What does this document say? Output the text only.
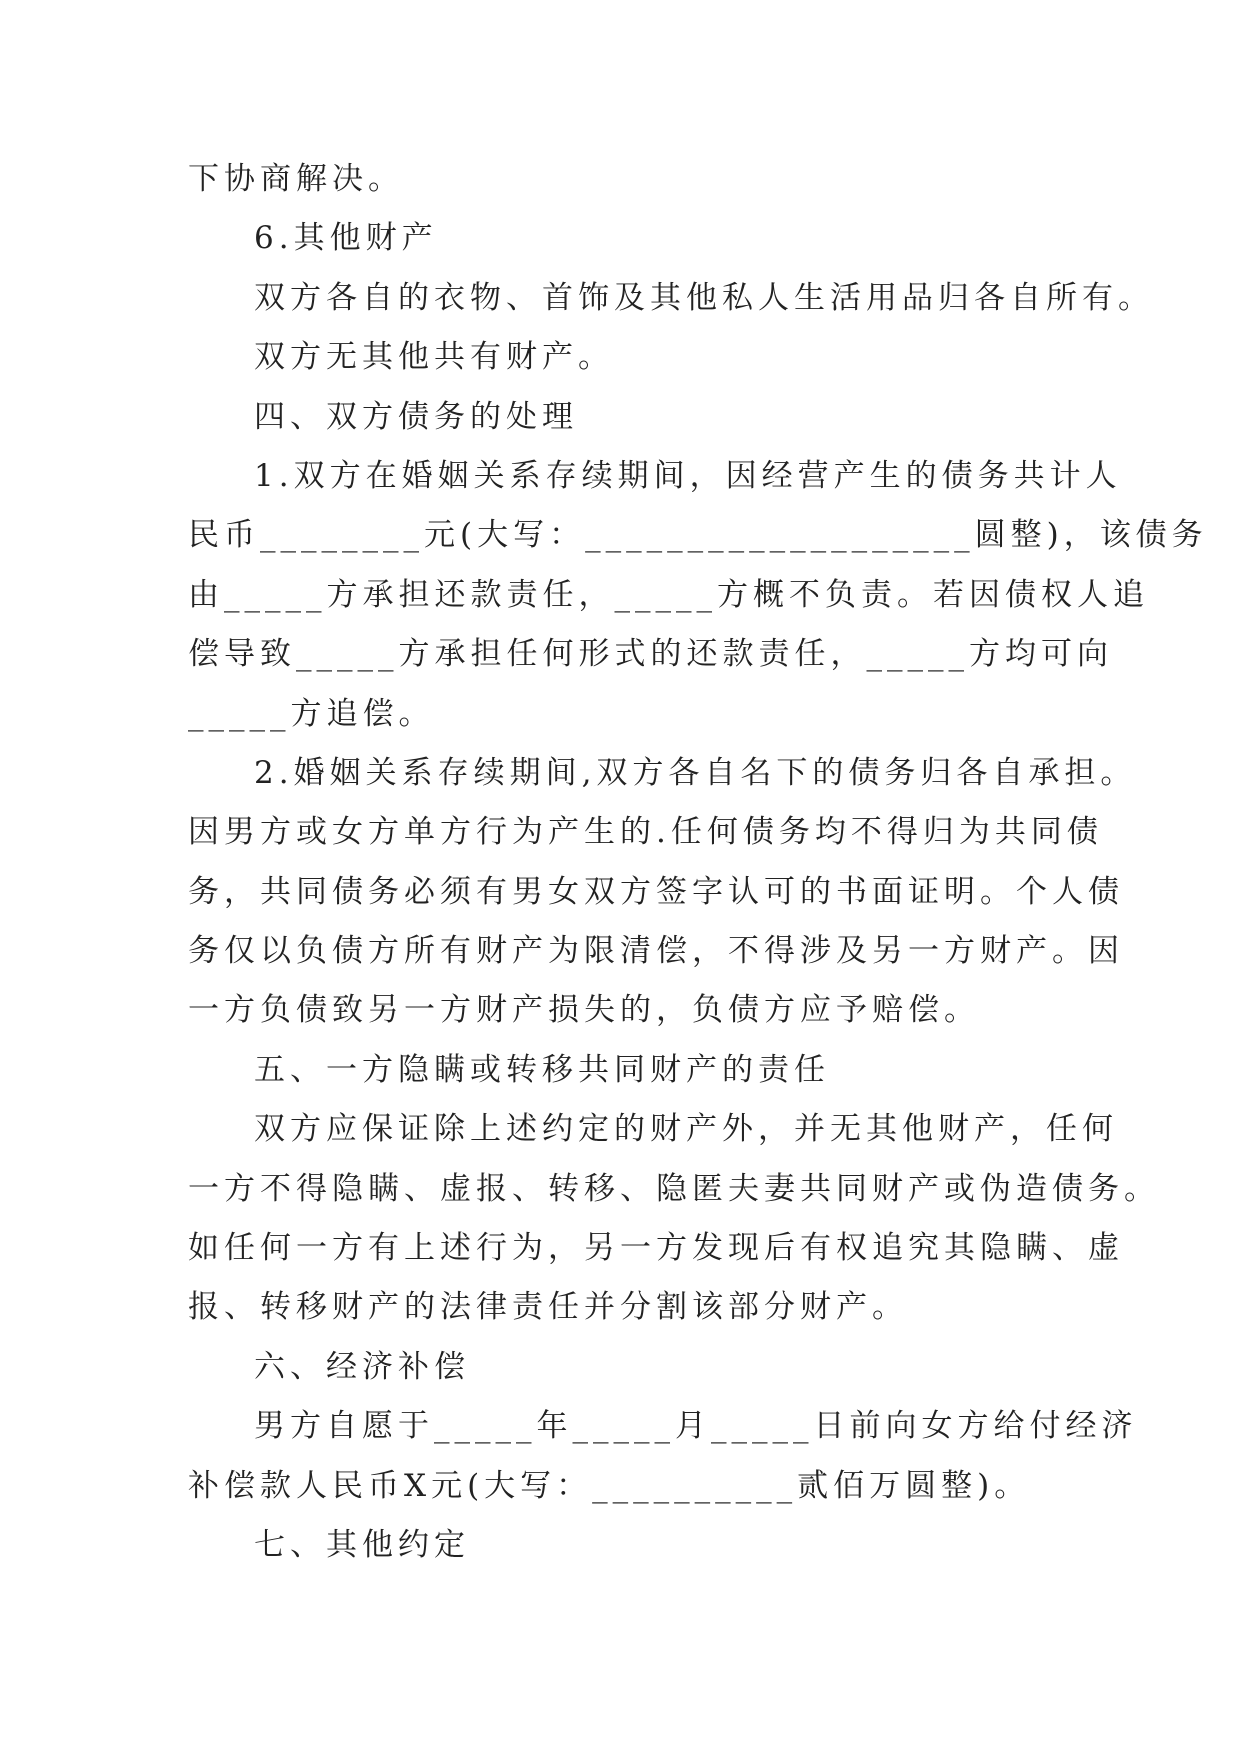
下协商解决。
6.其他财产
双方各自的衣物、首饰及其他私人生活用品归各自所有。
双方无其他共有财产。
四、双方债务的处理
1.双方在婚姻关系存续期间，因经营产生的债务共计人
民币________元(大写：___________________圆整)，该债务
由_____方承担还款责任，_____方概不负责。若因债权人追
偿导致_____方承担任何形式的还款责任，_____方均可向
_____方追偿。
2.婚姻关系存续期间,双方各自名下的债务归各自承担。
因男方或女方单方行为产生的.任何债务均不得归为共同债
务，共同债务必须有男女双方签字认可的书面证明。个人债
务仅以负债方所有财产为限清偿，不得涉及另一方财产。因
一方负债致另一方财产损失的，负债方应予赔偿。
五、一方隐瞒或转移共同财产的责任
双方应保证除上述约定的财产外，并无其他财产，任何
一方不得隐瞒、虚报、转移、隐匿夫妻共同财产或伪造债务。
如任何一方有上述行为，另一方发现后有权追究其隐瞒、虚
报、转移财产的法律责任并分割该部分财产。
六、经济补偿
男方自愿于_____年_____月_____日前向女方给付经济
补偿款人民币X元(大写：__________贰佰万圆整)。
七、其他约定
